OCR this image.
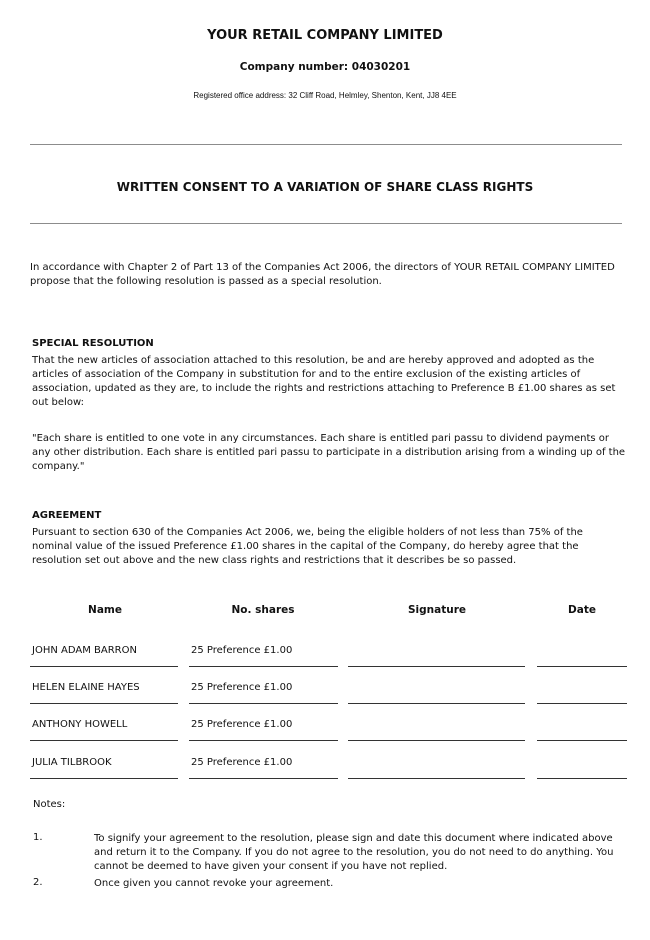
YOUR RETAIL COMPANY LIMITED
Company number: 04030201
Registered office address: 32 Cliff Road, Helmley, Shenton, Kent, JJ8 4EE
WRITTEN CONSENT TO A VARIATION OF SHARE CLASS RIGHTS
In accordance with Chapter 2 of Part 13 of the Companies Act 2006, the directors of YOUR RETAIL COMPANY LIMITED propose that the following resolution is passed as a special resolution.
SPECIAL RESOLUTION
That the new articles of association attached to this resolution, be and are hereby approved and adopted as the articles of association of the Company in substitution for and to the entire exclusion of the existing articles of association, updated as they are, to include the rights and restrictions attaching to Preference B £1.00 shares as set out below:
"Each share is entitled to one vote in any circumstances. Each share is entitled pari passu to dividend payments or any other distribution. Each share is entitled pari passu to participate in a distribution arising from a winding up of the company."
AGREEMENT
Pursuant to section 630 of the Companies Act 2006, we, being the eligible holders of not less than 75% of the nominal value of the issued Preference £1.00 shares in the capital of the Company, do hereby agree that the resolution set out above and the new class rights and restrictions that it describes be so passed.
Name	No. shares	Signature	Date
JOHN ADAM BARRON	25 Preference £1.00
HELEN ELAINE HAYES	25 Preference £1.00
ANTHONY HOWELL	25 Preference £1.00
JULIA TILBROOK	25 Preference £1.00
Notes:
1.	To signify your agreement to the resolution, please sign and date this document where indicated above and return it to the Company. If you do not agree to the resolution, you do not need to do anything. You cannot be deemed to have given your consent if you have not replied.
2.	Once given you cannot revoke your agreement.
